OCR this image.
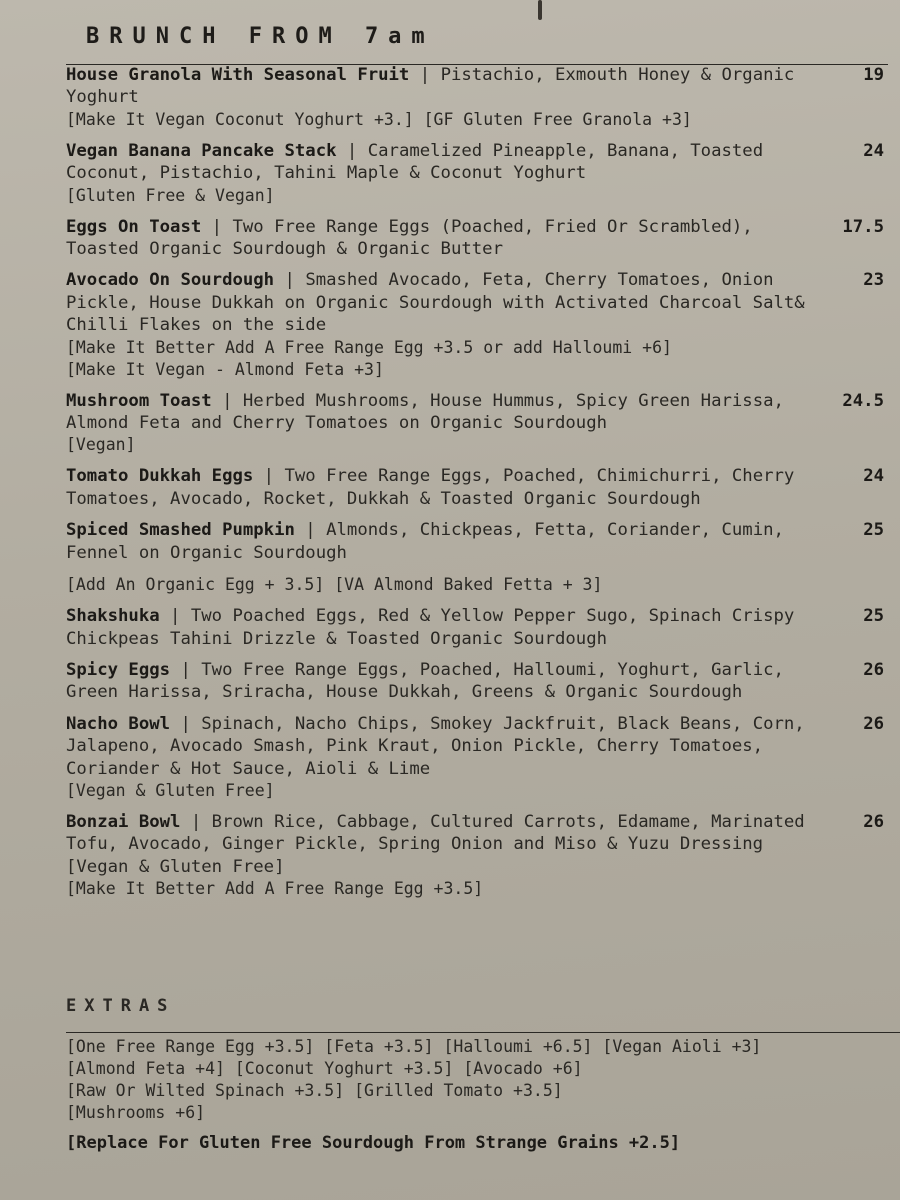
BRUNCH FROM 7am
House Granola With Seasonal Fruit | Pistachio, Exmouth Honey & Organic Yoghurt
[Make It Vegan Coconut Yoghurt +3.] [GF Gluten Free Granola +3]
19
Vegan Banana Pancake Stack | Caramelized Pineapple, Banana, Toasted Coconut, Pistachio, Tahini Maple & Coconut Yoghurt
[Gluten Free & Vegan]
24
Eggs On Toast | Two Free Range Eggs (Poached, Fried Or Scrambled), Toasted Organic Sourdough & Organic Butter
17.5
Avocado On Sourdough | Smashed Avocado, Feta, Cherry Tomatoes, Onion Pickle, House Dukkah on Organic Sourdough with Activated Charcoal Salt& Chilli Flakes on the side
[Make It Better Add A Free Range Egg +3.5 or add Halloumi +6]
[Make It Vegan - Almond Feta +3]
23
Mushroom Toast | Herbed Mushrooms, House Hummus, Spicy Green Harissa, Almond Feta and Cherry Tomatoes on Organic Sourdough
[Vegan]
24.5
Tomato Dukkah Eggs | Two Free Range Eggs, Poached, Chimichurri, Cherry Tomatoes, Avocado, Rocket, Dukkah & Toasted Organic Sourdough
24
Spiced Smashed Pumpkin | Almonds, Chickpeas, Fetta, Coriander, Cumin, Fennel on Organic Sourdough
[Add An Organic Egg + 3.5] [VA Almond Baked Fetta + 3]
25
Shakshuka | Two Poached Eggs, Red & Yellow Pepper Sugo, Spinach Crispy Chickpeas Tahini Drizzle & Toasted Organic Sourdough
25
Spicy Eggs | Two Free Range Eggs, Poached, Halloumi, Yoghurt, Garlic, Green Harissa, Sriracha, House Dukkah, Greens & Organic Sourdough
26
Nacho Bowl | Spinach, Nacho Chips, Smokey Jackfruit, Black Beans, Corn, Jalapeno, Avocado Smash, Pink Kraut, Onion Pickle, Cherry Tomatoes, Coriander & Hot Sauce, Aioli & Lime
[Vegan & Gluten Free]
26
Bonzai Bowl | Brown Rice, Cabbage, Cultured Carrots, Edamame, Marinated Tofu, Avocado, Ginger Pickle, Spring Onion and Miso & Yuzu Dressing [Vegan & Gluten Free]
[Make It Better Add A Free Range Egg +3.5]
26
EXTRAS
[One Free Range Egg +3.5] [Feta +3.5] [Halloumi +6.5] [Vegan Aioli +3]
[Almond Feta +4] [Coconut Yoghurt +3.5] [Avocado +6]
[Raw Or Wilted Spinach +3.5] [Grilled Tomato +3.5]
[Mushrooms +6]
[Replace For Gluten Free Sourdough From Strange Grains +2.5]
